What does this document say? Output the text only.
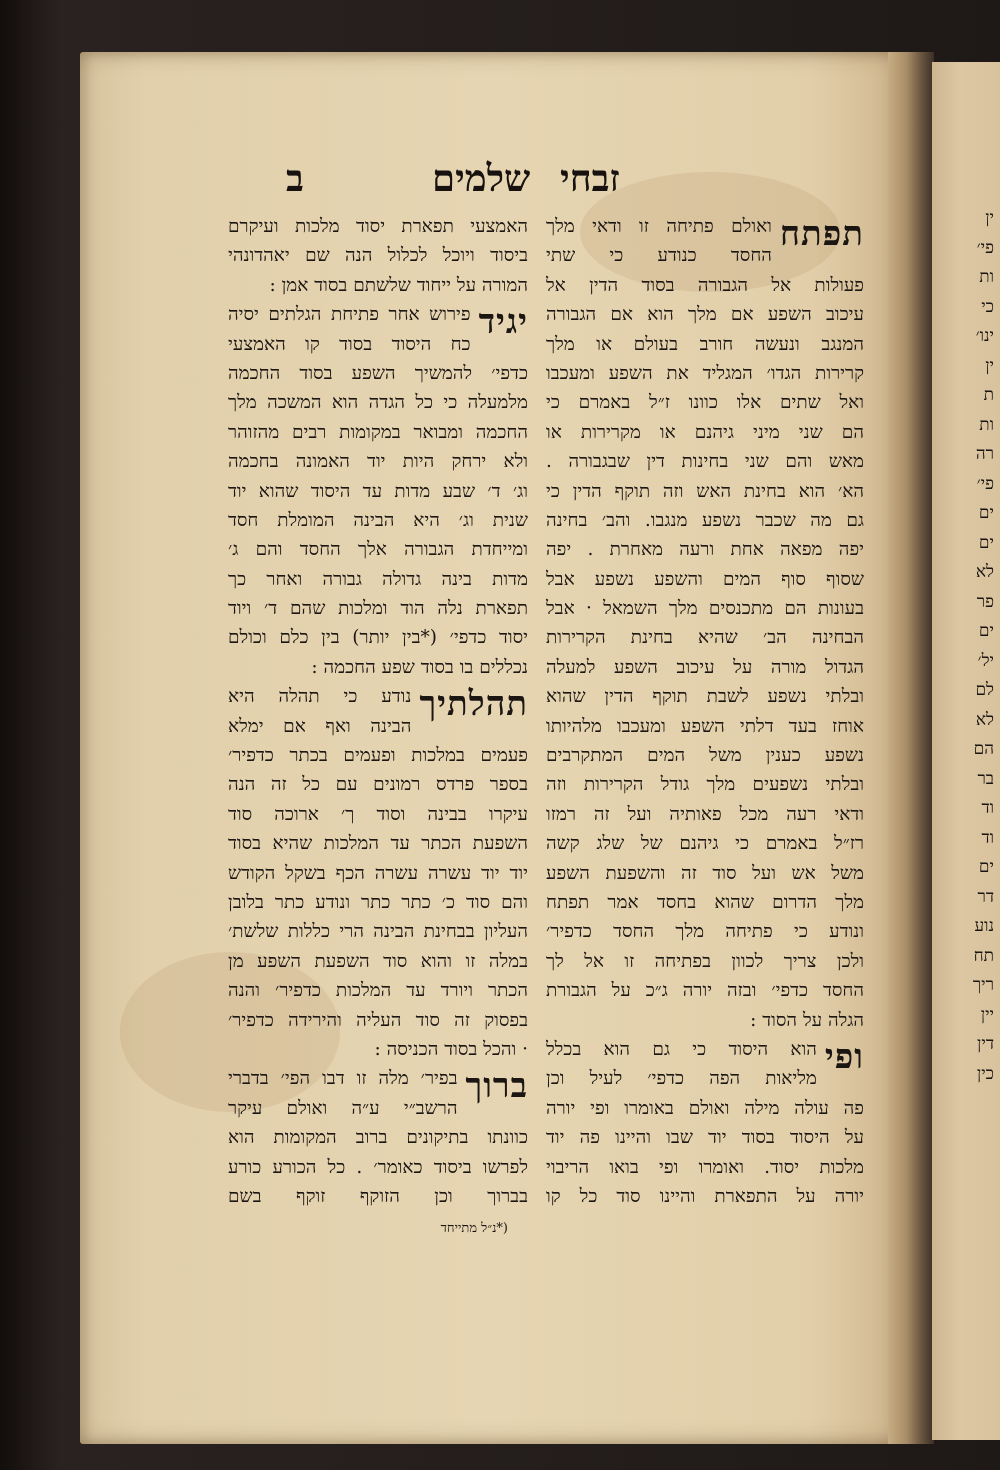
ין
פי׳
ות
כי
ינו׳
ין
ת
ות
רה
פי׳
ים
ים
לא
פר
ים
יל׳
לם
לא
הם
בר
וד
וד
ים
דר
נוע
תח
ריך
יין
דין
כין
זבחי
שלמים
ב
תפתח
ואולם פתיחה זו ודאי מלך
החסד כנודע כי שתי
פעולות אל הגבורה בסוד הדין אל
עיכוב השפע אם מלך הוא אם הגבורה
המנגב ונעשה חורב בעולם או מלך
קרירות הגדו׳ המגליד את השפע ומעכבו
ואל שתים אלו כוונו ז״ל באמרם כי
הם שני מיני גיהנם או מקרירות או
מאש והם שני בחינות דין שבגבורה .
הא׳ הוא בחינת האש וזה תוקף הדין כי
גם מה שכבר נשפע מנגבו. והב׳ בחינה
יפה מפאה אחת ורעה מאחרת . יפה
שסוף סוף המים והשפע נשפע אבל
בעונות הם מתכנסים מלך השמאל · אבל
הבחינה הב׳ שהיא בחינת הקרירות
הגדול מורה על עיכוב השפע למעלה
ובלתי נשפע לשבת תוקף הדין שהוא
אוחז בעד דלתי השפע ומעכבו מלהיותו
נשפע כענין משל המים המתקרבים
ובלתי נשפעים מלך גודל הקרירות וזה
ודאי רעה מכל פאותיה ועל זה רמזו
רז״ל באמרם כי גיהנם של שלג קשה
משל אש ועל סוד זה והשפעת השפע
מלך הדרום שהוא בחסד אמר תפתח
ונודע כי פתיחה מלך החסד כדפיר׳
ולכן צריך לכוון בפתיחה זו אל לך
החסד כדפי׳ ובזה יורה ג״כ על הגבורת
הגלה על הסוד :
ופי
הוא היסוד כי גם הוא בכלל
מליאות הפה כדפי׳ לעיל וכן
פה עולה מילה ואולם באומרו ופי יורה
על היסוד בסוד יוד שבו והיינו פה יוד
מלכות יסוד. ואומרו ופי בואו הריבוי
יורה על התפארת והיינו סוד כל קו
האמצעי תפארת יסוד מלכות ועיקרם
ביסוד ויוכל לכלול הנה שם יאהדונהי
המורה על ייחוד שלשתם בסוד אמן :
יגיד
פירוש אחר פתיחת הגלתים יסיה
כח היסוד בסוד קו האמצעי
כדפי׳ להמשיך השפע בסוד החכמה
מלמעלה כי כל הגדה הוא המשכה מלך
החכמה ומבואר במקומות רבים מהזוהר
ולא ירחק היות יוד האמונה בחכמה
וג׳ ד׳ שבע מדות עד היסוד שהוא יוד
שנית וג׳ היא הבינה המומלת חסד
ומייחדת הגבורה אלך החסד והם ג׳
מדות בינה גדולה גבורה ואחר כך
תפארת נלה הוד ומלכות שהם ד׳ ויוד
יסוד כדפי׳ (*בין יותר) בין כלם וכולם
נכללים בו בסוד שפע החכמה :
תהלתיך
נודע כי תהלה היא
הבינה ואף אם ימלא
פעמים במלכות ופעמים בכתר כדפיר׳
בספר פרדס רמונים עם כל זה הנה
עיקרו בבינה וסוד ך׳ ארוכה סוד
השפעת הכתר עד המלכות שהיא בסוד
יוד יוד עשרה עשרה הכף בשקל הקודש
והם סוד כ׳ כתר כתר ונודע כתר בלובן
העליון בבחינת הבינה הרי כללות שלשת׳
במלה זו והוא סוד השפעת השפע מן
הכתר ויורד עד המלכות כדפיר׳ והנה
בפסוק זה סוד העליה והירידה כדפיר׳
· והכל בסוד הכניסה :
ברוך
בפיר׳ מלה זו דבו הפי׳ בדברי
הרשב״י ע״ה ואולם עיקר
כוונתו בתיקונים ברוב המקומות הוא
לפרשו ביסוד כאומר׳ . כל הכורע כורע
בברוך וכן הזוקף זוקף בשם
(*נ״ל מתייחד
